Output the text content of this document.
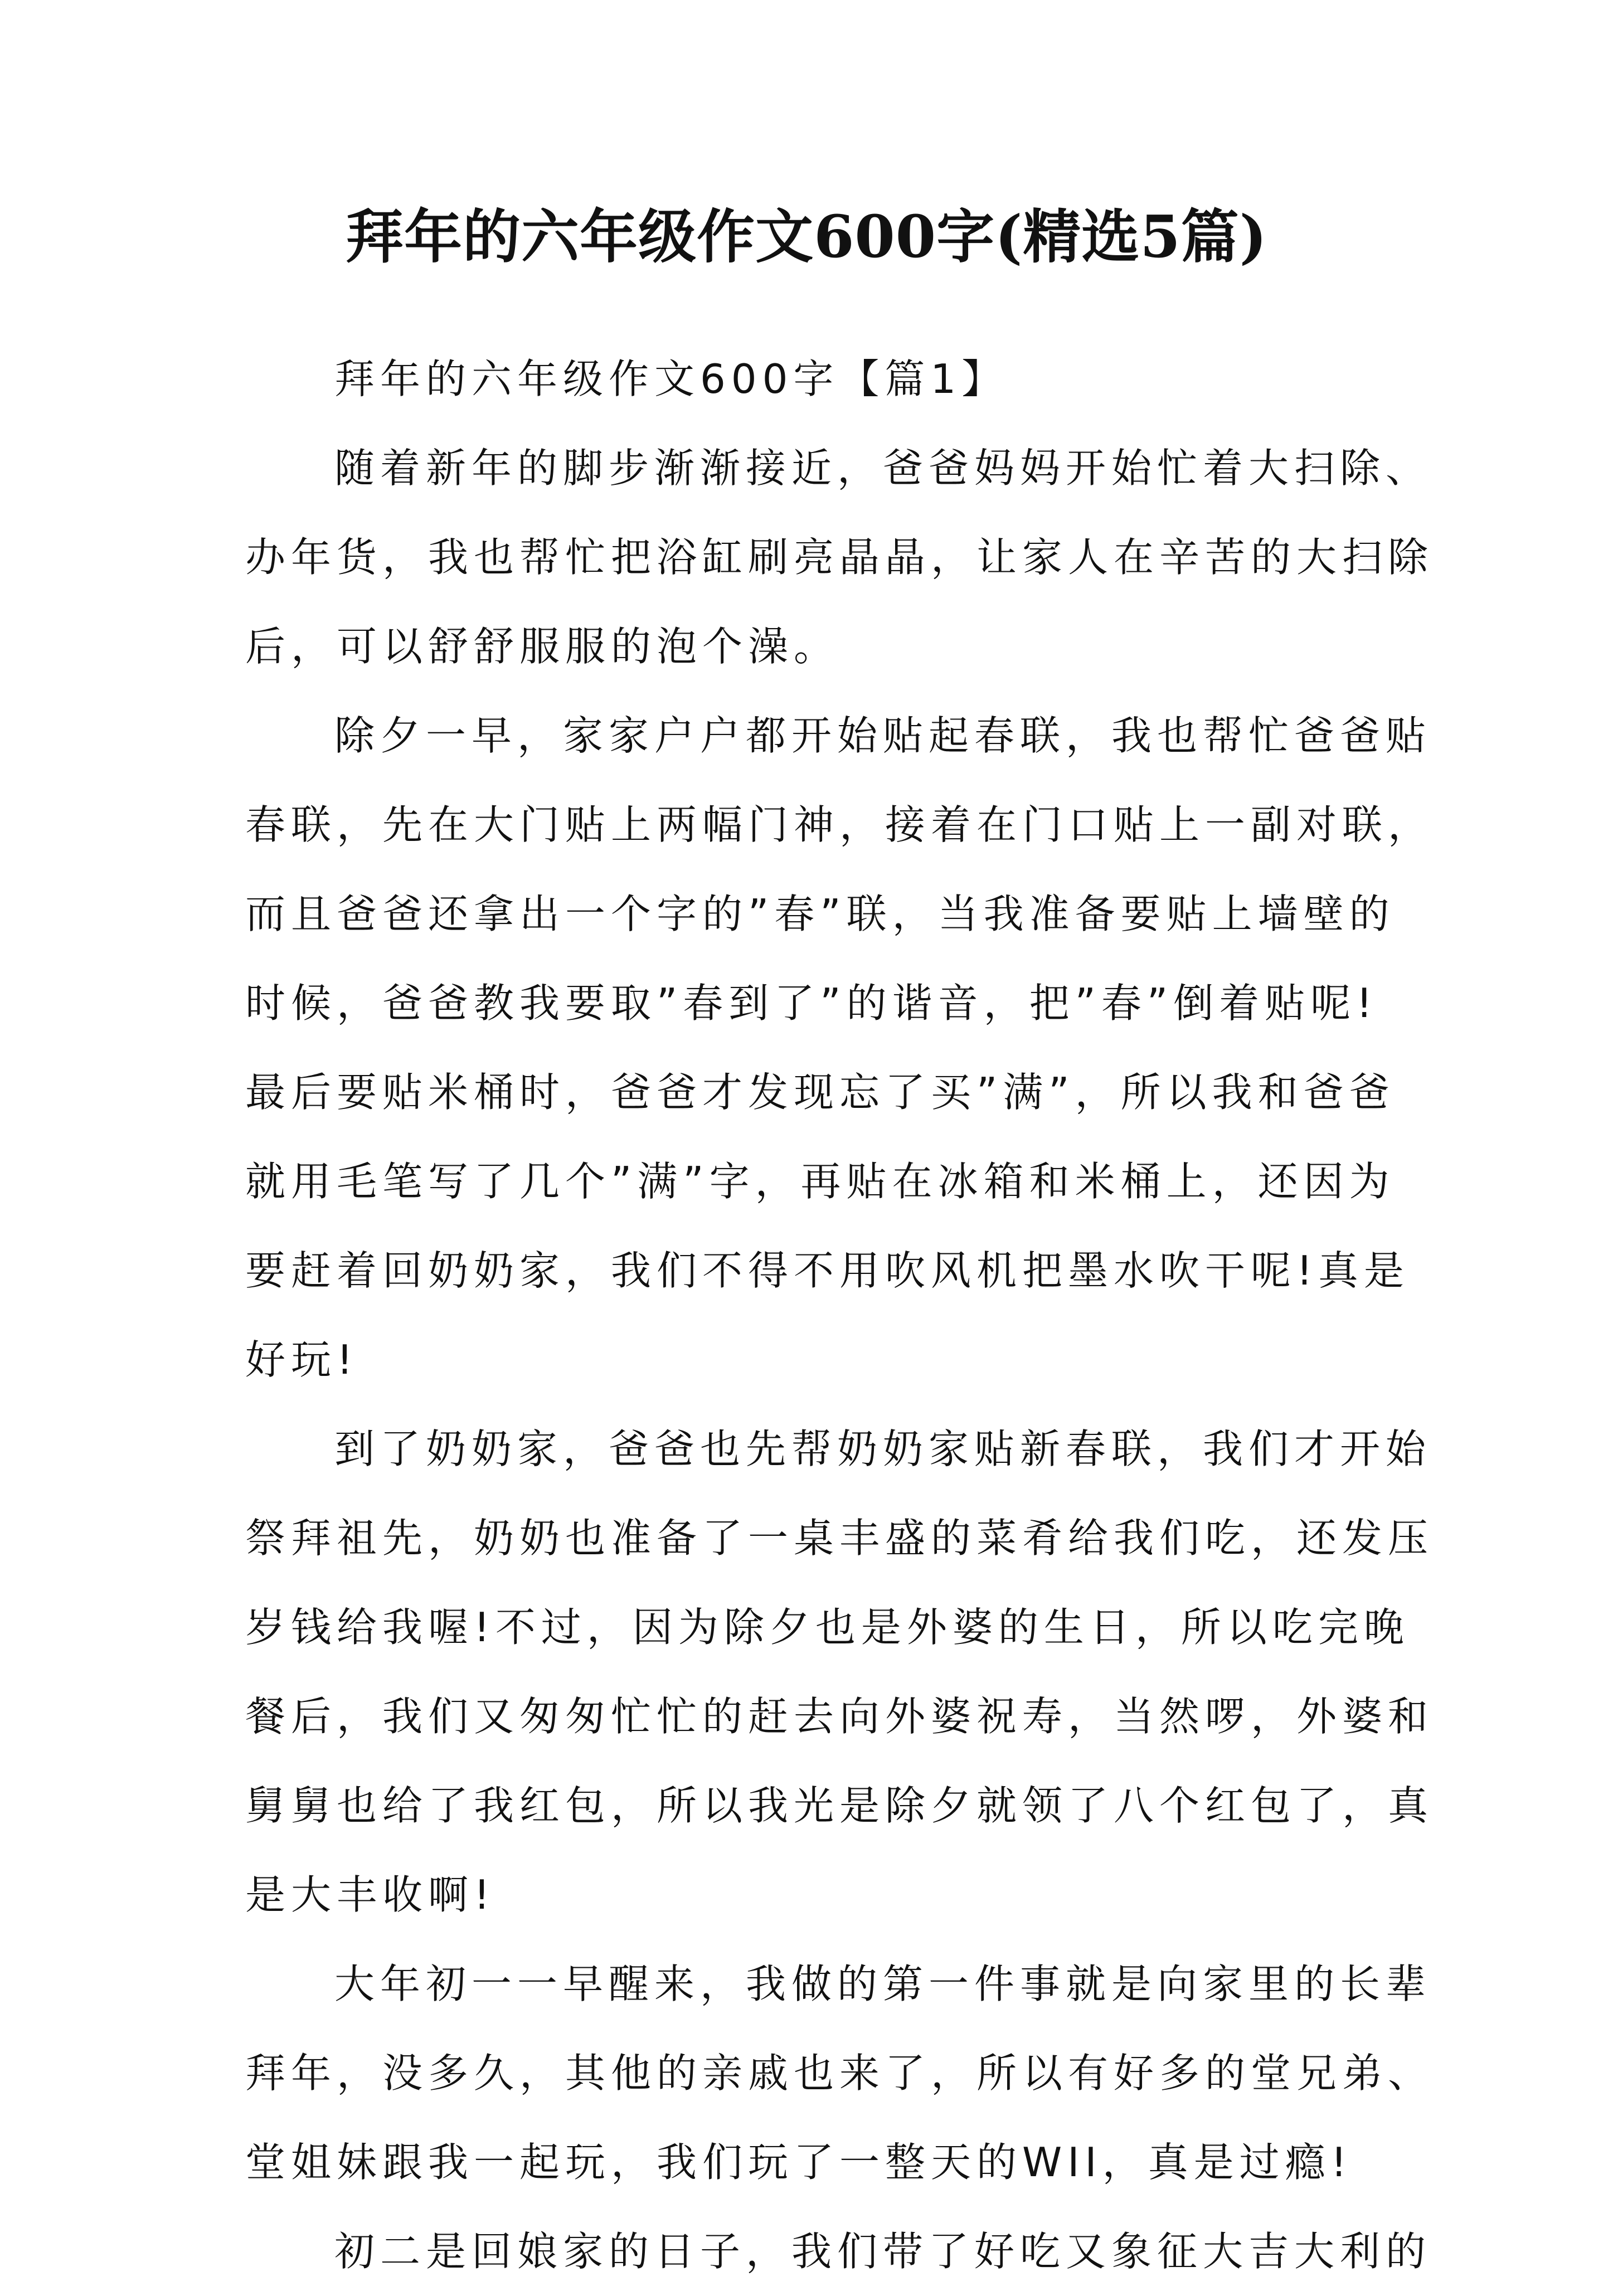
拜年的六年级作文600字(精选5篇)
拜年的六年级作文600字【篇1】
随着新年的脚步渐渐接近，爸爸妈妈开始忙着大扫除、
办年货，我也帮忙把浴缸刷亮晶晶，让家人在辛苦的大扫除
后，可以舒舒服服的泡个澡。
除夕一早，家家户户都开始贴起春联，我也帮忙爸爸贴
春联，先在大门贴上两幅门神，接着在门口贴上一副对联，
而且爸爸还拿出一个字的”春”联，当我准备要贴上墙壁的
时候，爸爸教我要取”春到了”的谐音，把”春”倒着贴呢!
最后要贴米桶时，爸爸才发现忘了买”满”，所以我和爸爸
就用毛笔写了几个”满”字，再贴在冰箱和米桶上，还因为
要赶着回奶奶家，我们不得不用吹风机把墨水吹干呢!真是
好玩!
到了奶奶家，爸爸也先帮奶奶家贴新春联，我们才开始
祭拜祖先，奶奶也准备了一桌丰盛的菜肴给我们吃，还发压
岁钱给我喔!不过，因为除夕也是外婆的生日，所以吃完晚
餐后，我们又匆匆忙忙的赶去向外婆祝寿，当然啰，外婆和
舅舅也给了我红包，所以我光是除夕就领了八个红包了，真
是大丰收啊!
大年初一一早醒来，我做的第一件事就是向家里的长辈
拜年，没多久，其他的亲戚也来了，所以有好多的堂兄弟、
堂姐妹跟我一起玩，我们玩了一整天的WII，真是过瘾!
初二是回娘家的日子，我们带了好吃又象征大吉大利的
